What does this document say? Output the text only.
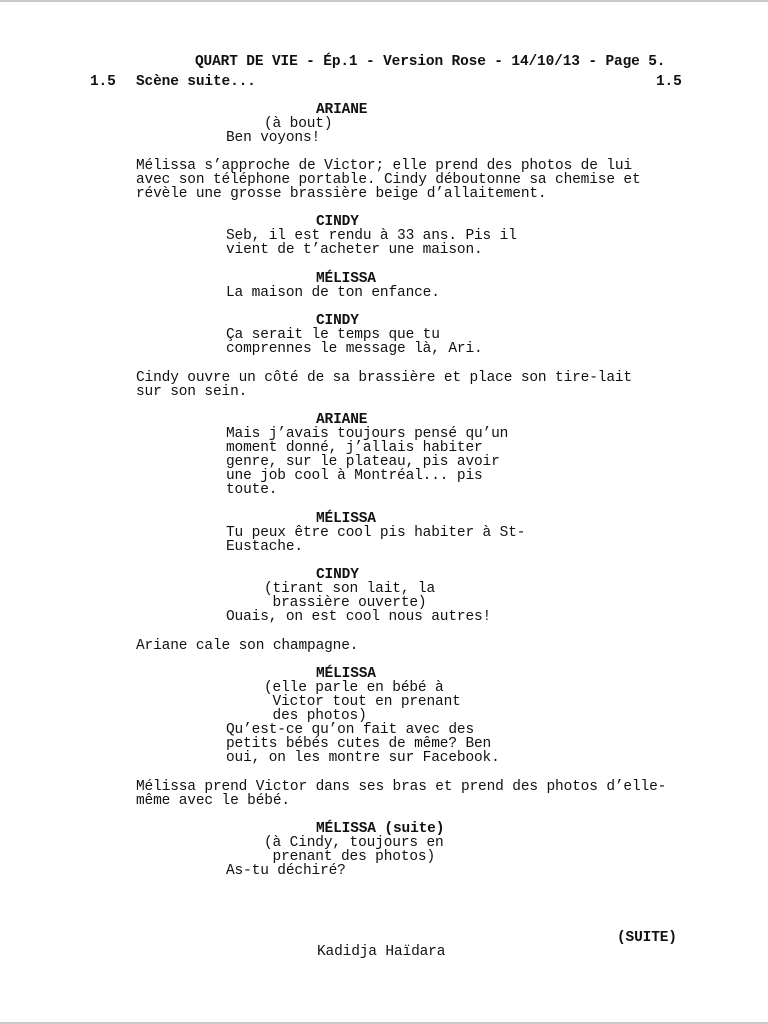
QUART DE VIE - Ép.1 - Version Rose - 14/10/13 - Page 5.
1.5 Scène suite...	1.5
ARIANE
(à bout)
Ben voyons!
Mélissa s’approche de Victor; elle prend des photos de lui
avec son téléphone portable. Cindy déboutonne sa chemise et
révèle une grosse brassière beige d’allaitement.
CINDY
Seb, il est rendu à 33 ans. Pis il
vient de t’acheter une maison.
MÉLISSA
La maison de ton enfance.
CINDY
Ça serait le temps que tu
comprennes le message là, Ari.
Cindy ouvre un côté de sa brassière et place son tire-lait
sur son sein.
ARIANE
Mais j’avais toujours pensé qu’un
moment donné, j’allais habiter
genre, sur le plateau, pis avoir
une job cool à Montréal... pis
toute.
MÉLISSA
Tu peux être cool pis habiter à St-
Eustache.
CINDY
(tirant son lait, la
brassière ouverte)
Ouais, on est cool nous autres!
Ariane cale son champagne.
MÉLISSA
(elle parle en bébé à
Victor tout en prenant
des photos)
Qu’est-ce qu’on fait avec des
petits bébés cutes de même? Ben
oui, on les montre sur Facebook.
Mélissa prend Victor dans ses bras et prend des photos d’elle-
même avec le bébé.
MÉLISSA (suite)
(à Cindy, toujours en
prenant des photos)
As-tu déchiré?
(SUITE)
Kadidja Haïdara
